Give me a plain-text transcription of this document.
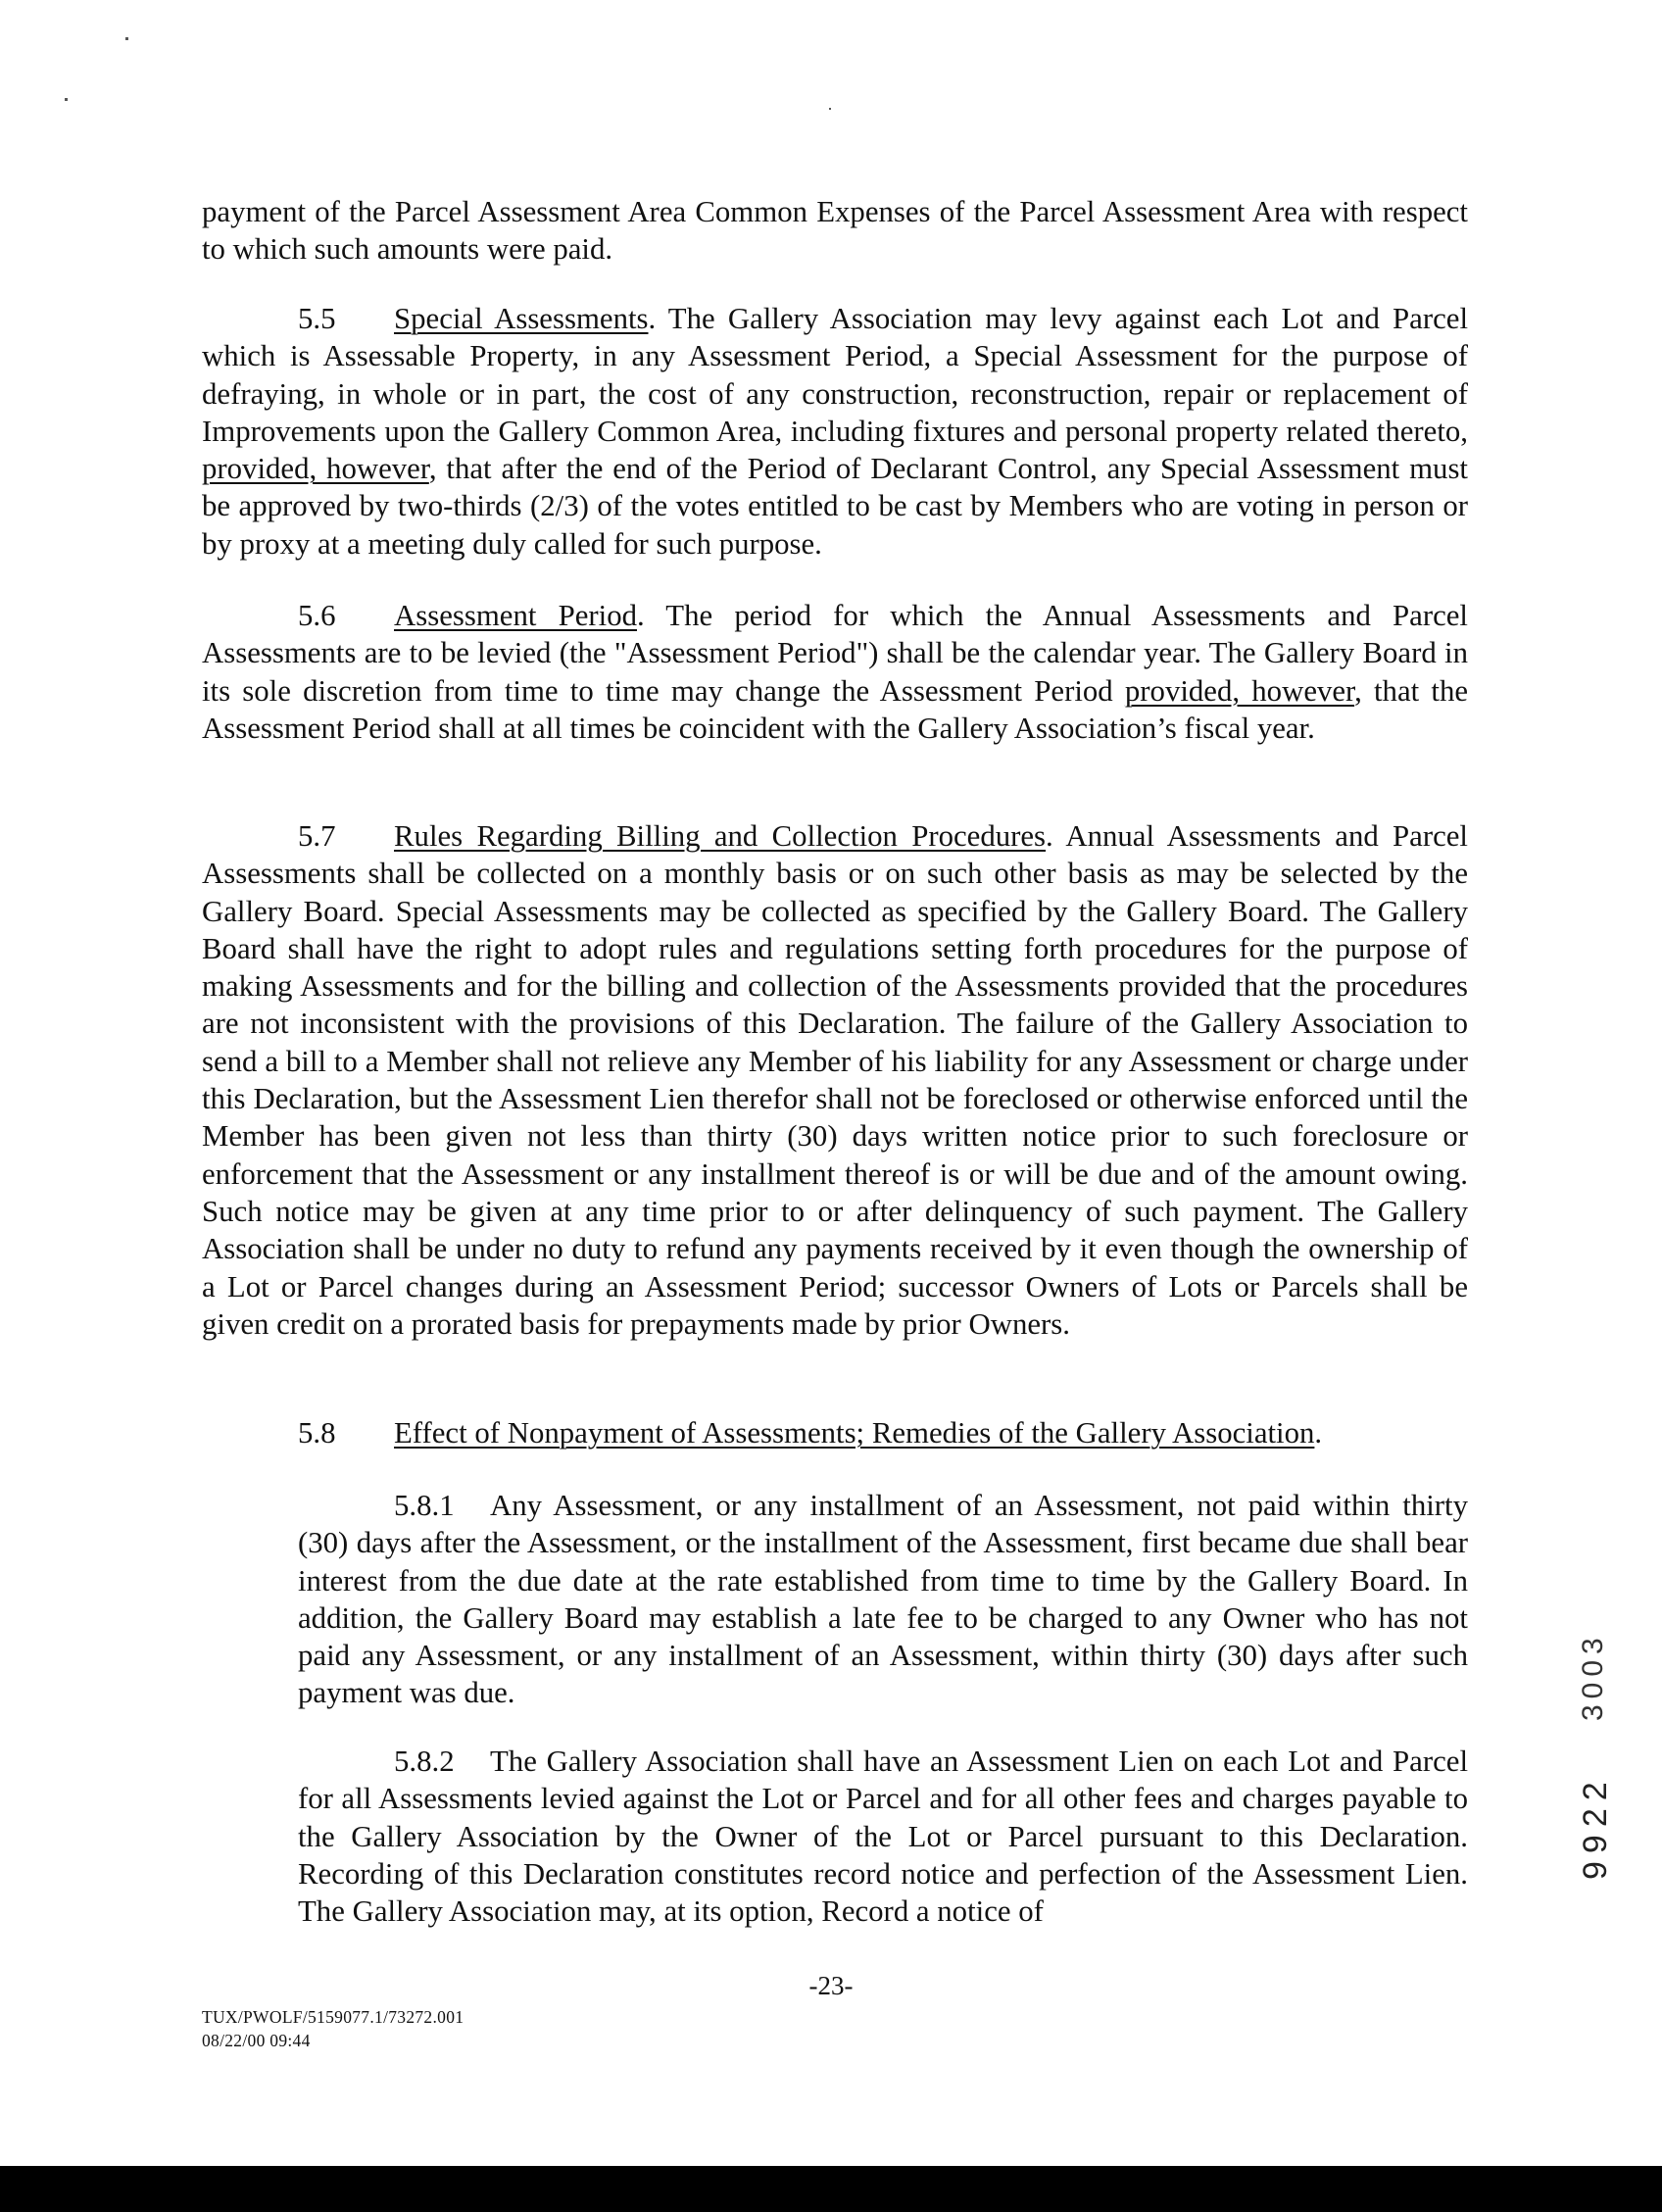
payment of the Parcel Assessment Area Common Expenses of the Parcel Assessment Area with respect to which such amounts were paid.

5.5 Special Assessments. The Gallery Association may levy against each Lot and Parcel which is Assessable Property, in any Assessment Period, a Special Assessment for the purpose of defraying, in whole or in part, the cost of any construction, reconstruction, repair or replacement of Improvements upon the Gallery Common Area, including fixtures and personal property related thereto, provided, however, that after the end of the Period of Declarant Control, any Special Assessment must be approved by two-thirds (2/3) of the votes entitled to be cast by Members who are voting in person or by proxy at a meeting duly called for such purpose.

5.6 Assessment Period. The period for which the Annual Assessments and Parcel Assessments are to be levied (the "Assessment Period") shall be the calendar year. The Gallery Board in its sole discretion from time to time may change the Assessment Period provided, however, that the Assessment Period shall at all times be coincident with the Gallery Association’s fiscal year.

5.7 Rules Regarding Billing and Collection Procedures. Annual Assessments and Parcel Assessments shall be collected on a monthly basis or on such other basis as may be selected by the Gallery Board. Special Assessments may be collected as specified by the Gallery Board. The Gallery Board shall have the right to adopt rules and regulations setting forth procedures for the purpose of making Assessments and for the billing and collection of the Assessments provided that the procedures are not inconsistent with the provisions of this Declaration. The failure of the Gallery Association to send a bill to a Member shall not relieve any Member of his liability for any Assessment or charge under this Declaration, but the Assessment Lien therefor shall not be foreclosed or otherwise enforced until the Member has been given not less than thirty (30) days written notice prior to such foreclosure or enforcement that the Assessment or any installment thereof is or will be due and of the amount owing. Such notice may be given at any time prior to or after delinquency of such payment. The Gallery Association shall be under no duty to refund any payments received by it even though the ownership of a Lot or Parcel changes during an Assessment Period; successor Owners of Lots or Parcels shall be given credit on a prorated basis for prepayments made by prior Owners.

5.8 Effect of Nonpayment of Assessments; Remedies of the Gallery Association.

5.8.1 Any Assessment, or any installment of an Assessment, not paid within thirty (30) days after the Assessment, or the installment of the Assessment, first became due shall bear interest from the due date at the rate established from time to time by the Gallery Board. In addition, the Gallery Board may establish a late fee to be charged to any Owner who has not paid any Assessment, or any installment of an Assessment, within thirty (30) days after such payment was due.

5.8.2 The Gallery Association shall have an Assessment Lien on each Lot and Parcel for all Assessments levied against the Lot or Parcel and for all other fees and charges payable to the Gallery Association by the Owner of the Lot or Parcel pursuant to this Declaration. Recording of this Declaration constitutes record notice and perfection of the Assessment Lien. The Gallery Association may, at its option, Record a notice of

-23-
TUX/PWOLF/5159077.1/73272.001
08/22/00 09:44
3003
9922
